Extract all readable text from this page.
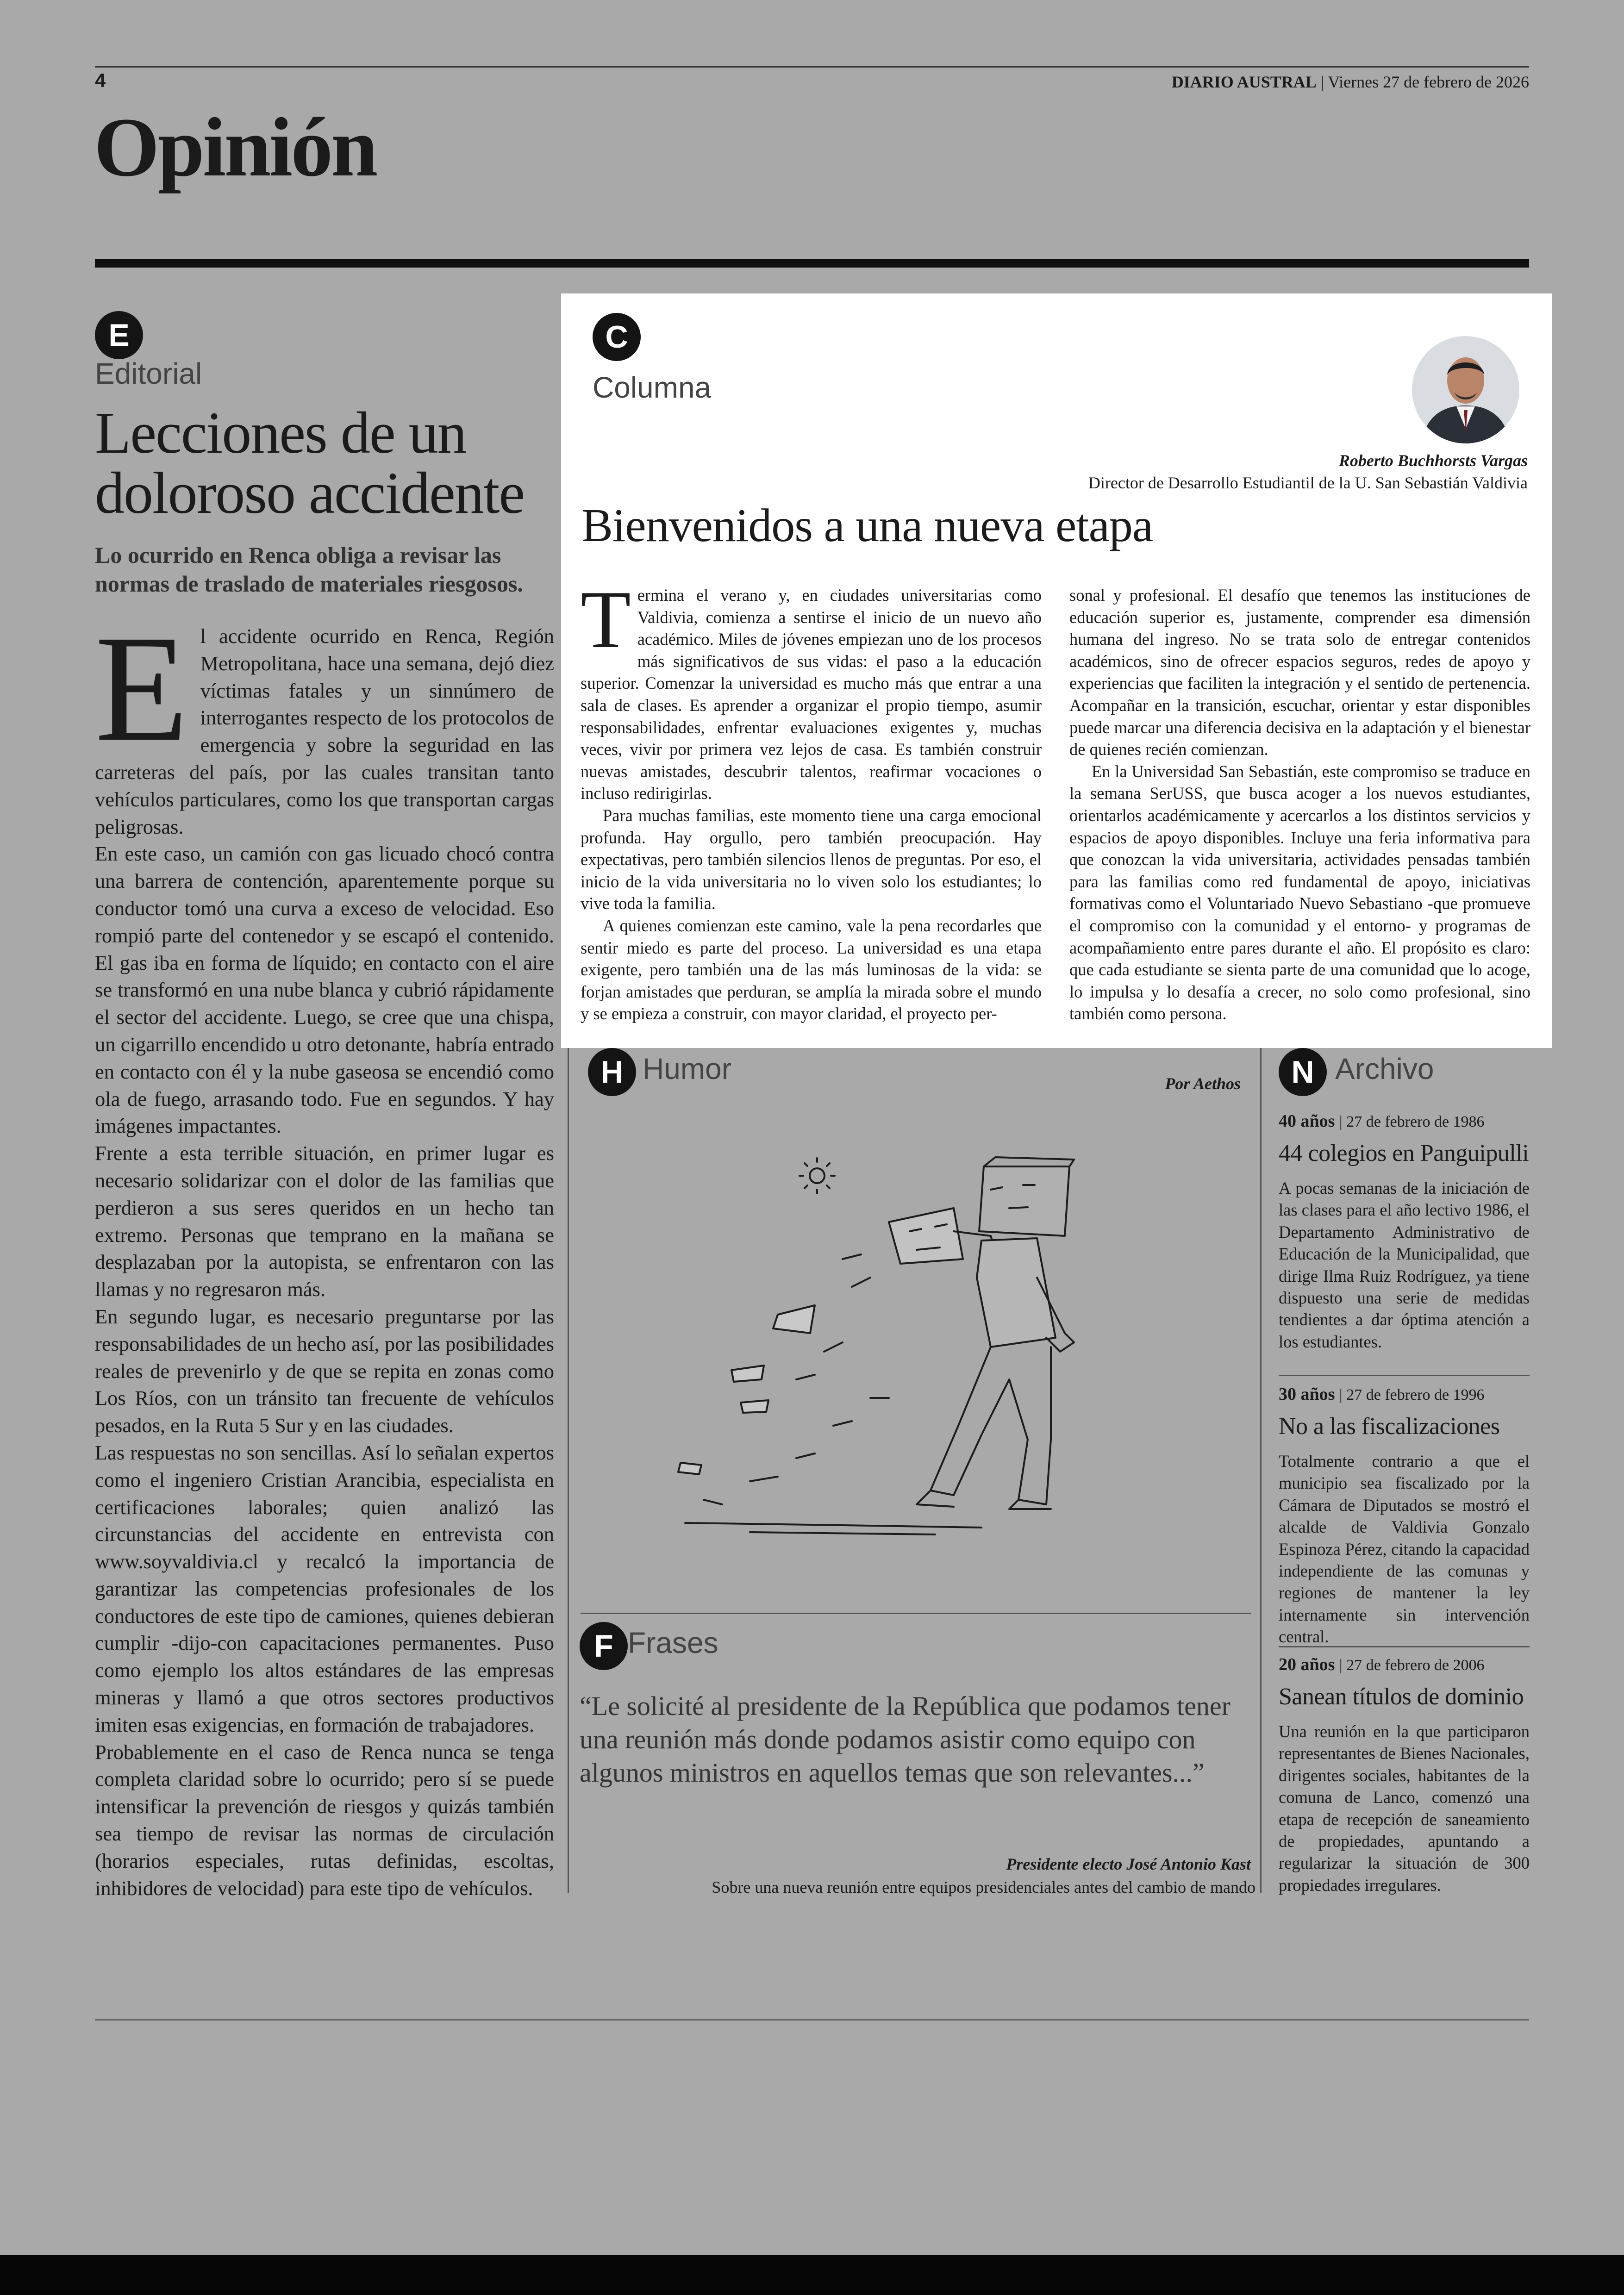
4	DIARIO AUSTRAL | Viernes 27 de febrero de 2026
Opinión
E
Editorial
Lecciones de un doloroso accidente
Lo ocurrido en Renca obliga a revisar las normas de traslado de materiales riesgosos.
E l accidente ocurrido en Renca, Región Metropolitana, hace una semana, dejó diez víctimas fatales y un sinnúmero de interrogantes respecto de los protocolos de emergencia y sobre la seguridad en las carreteras del país, por las cuales transitan tanto vehículos particulares, como los que transportan cargas peligrosas.

En este caso, un camión con gas licuado chocó contra una barrera de contención, aparentemente porque su conductor tomó una curva a exceso de velocidad. Eso rompió parte del contenedor y se escapó el contenido. El gas iba en forma de líquido; en contacto con el aire se transformó en una nube blanca y cubrió rápidamente el sector del accidente. Luego, se cree que una chispa, un cigarrillo encendido u otro detonante, habría entrado en contacto con él y la nube gaseosa se encendió como ola de fuego, arrasando todo. Fue en segundos. Y hay imágenes impactantes.

Frente a esta terrible situación, en primer lugar es necesario solidarizar con el dolor de las familias que perdieron a sus seres queridos en un hecho tan extremo. Personas que temprano en la mañana se desplazaban por la autopista, se enfrentaron con las llamas y no regresaron más.

En segundo lugar, es necesario preguntarse por las responsabilidades de un hecho así, por las posibilidades reales de prevenirlo y de que se repita en zonas como Los Ríos, con un tránsito tan frecuente de vehículos pesados, en la Ruta 5 Sur y en las ciudades.

Las respuestas no son sencillas. Así lo señalan expertos como el ingeniero Cristian Arancibia, especialista en certificaciones laborales; quien analizó las circunstancias del accidente en entrevista con www.soyvaldivia.cl y recalcó la importancia de garantizar las competencias profesionales de los conductores de este tipo de camiones, quienes debieran cumplir -dijo-con capacitaciones permanentes. Puso como ejemplo los altos estándares de las empresas mineras y llamó a que otros sectores productivos imiten esas exigencias, en formación de trabajadores.

Probablemente en el caso de Renca nunca se tenga completa claridad sobre lo ocurrido; pero sí se puede intensificar la prevención de riesgos y quizás también sea tiempo de revisar las normas de circulación (horarios especiales, rutas definidas, escoltas, inhibidores de velocidad) para este tipo de vehículos.

C
Columna
Roberto Buchhorsts Vargas
Director de Desarrollo Estudiantil de la U. San Sebastián Valdivia
Bienvenidos a una nueva etapa
T ermina el verano y, en ciudades universitarias como Valdivia, comienza a sentirse el inicio de un nuevo año académico. Miles de jóvenes empiezan uno de los procesos más significativos de sus vidas: el paso a la educación superior. Comenzar la universidad es mucho más que entrar a una sala de clases. Es aprender a organizar el propio tiempo, asumir responsabilidades, enfrentar evaluaciones exigentes y, muchas veces, vivir por primera vez lejos de casa. Es también construir nuevas amistades, descubrir talentos, reafirmar vocaciones o incluso redirigirlas.

Para muchas familias, este momento tiene una carga emocional profunda. Hay orgullo, pero también preocupación. Hay expectativas, pero también silencios llenos de preguntas. Por eso, el inicio de la vida universitaria no lo viven solo los estudiantes; lo vive toda la familia.

A quienes comienzan este camino, vale la pena recordarles que sentir miedo es parte del proceso. La universidad es una etapa exigente, pero también una de las más luminosas de la vida: se forjan amistades que perduran, se amplía la mirada sobre el mundo y se empieza a construir, con mayor claridad, el proyecto per-

sonal y profesional. El desafío que tenemos las instituciones de educación superior es, justamente, comprender esa dimensión humana del ingreso. No se trata solo de entregar contenidos académicos, sino de ofrecer espacios seguros, redes de apoyo y experiencias que faciliten la integración y el sentido de pertenencia. Acompañar en la transición, escuchar, orientar y estar disponibles puede marcar una diferencia decisiva en la adaptación y el bienestar de quienes recién comienzan.

En la Universidad San Sebastián, este compromiso se traduce en la semana SerUSS, que busca acoger a los nuevos estudiantes, orientarlos académicamente y acercarlos a los distintos servicios y espacios de apoyo disponibles. Incluye una feria informativa para que conozcan la vida universitaria, actividades pensadas también para las familias como red fundamental de apoyo, iniciativas formativas como el Voluntariado Nuevo Sebastiano -que promueve el compromiso con la comunidad y el entorno- y programas de acompañamiento entre pares durante el año. El propósito es claro: que cada estudiante se sienta parte de una comunidad que lo acoge, lo impulsa y lo desafía a crecer, no solo como profesional, sino también como persona.

H Humor	Por Aethos
F Frases
“Le solicité al presidente de la República que podamos tener una reunión más donde podamos asistir como equipo con algunos ministros en aquellos temas que son relevantes...”
Presidente electo José Antonio Kast
Sobre una nueva reunión entre equipos presidenciales antes del cambio de mando
N Archivo
40 años | 27 de febrero de 1986
44 colegios en Panguipulli
A pocas semanas de la iniciación de las clases para el año lectivo 1986, el Departamento Administrativo de Educación de la Municipalidad, que dirige Ilma Ruiz Rodríguez, ya tiene dispuesto una serie de medidas tendientes a dar óptima atención a los estudiantes.
30 años | 27 de febrero de 1996
No a las fiscalizaciones
Totalmente contrario a que el municipio sea fiscalizado por la Cámara de Diputados se mostró el alcalde de Valdivia Gonzalo Espinoza Pérez, citando la capacidad independiente de las comunas y regiones de mantener la ley internamente sin intervención central.
20 años | 27 de febrero de 2006
Sanean títulos de dominio
Una reunión en la que participaron representantes de Bienes Nacionales, dirigentes sociales, habitantes de la comuna de Lanco, comenzó una etapa de recepción de saneamiento de propiedades, apuntando a regularizar la situación de 300 propiedades irregulares.
